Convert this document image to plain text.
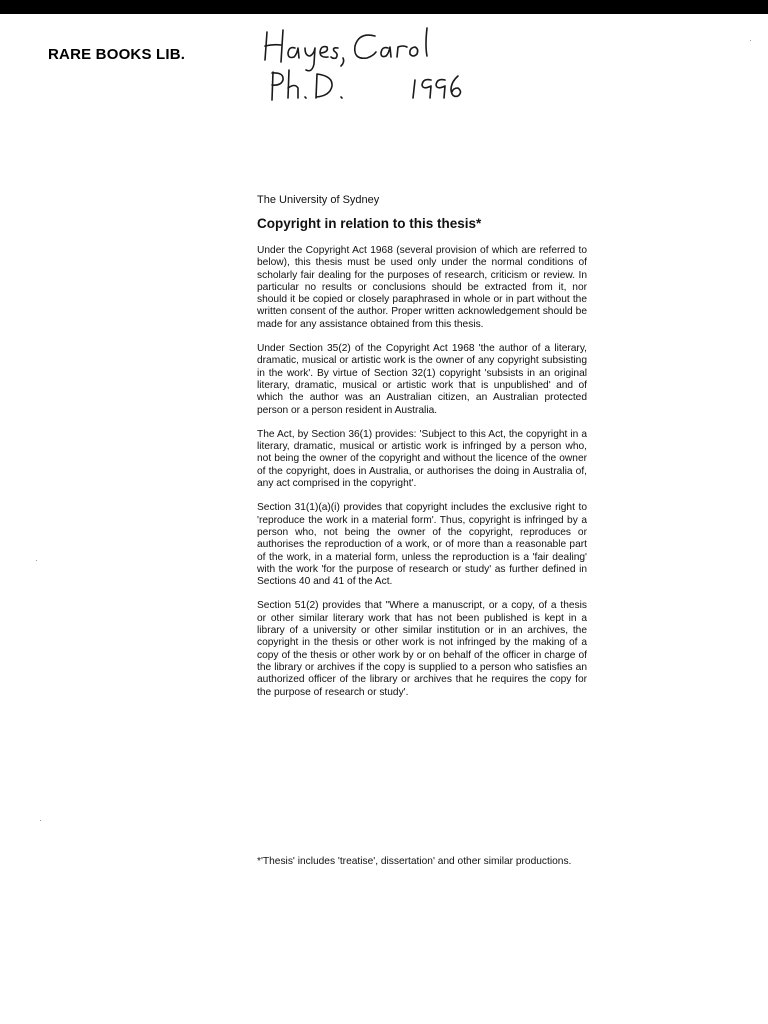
RARE BOOKS LIB.

The University of Sydney

Copyright in relation to this thesis*

Under the Copyright Act 1968 (several provision of which are referred to below), this thesis must be used only under the normal conditions of scholarly fair dealing for the purposes of research, criticism or review. In particular no results or conclusions should be extracted from it, nor should it be copied or closely paraphrased in whole or in part without the written consent of the author. Proper written acknowledgement should be made for any assistance obtained from this thesis.

Under Section 35(2) of the Copyright Act 1968 'the author of a literary, dramatic, musical or artistic work is the owner of any copyright subsisting in the work'. By virtue of Section 32(1) copyright 'subsists in an original literary, dramatic, musical or artistic work that is unpublished' and of which the author was an Australian citizen, an Australian protected person or a person resident in Australia.

The Act, by Section 36(1) provides: 'Subject to this Act, the copyright in a literary, dramatic, musical or artistic work is infringed by a person who, not being the owner of the copyright and without the licence of the owner of the copyright, does in Australia, or authorises the doing in Australia of, any act comprised in the copyright'.

Section 31(1)(a)(i) provides that copyright includes the exclusive right to 'reproduce the work in a material form'. Thus, copyright is infringed by a person who, not being the owner of the copyright, reproduces or authorises the reproduction of a work, or of more than a reasonable part of the work, in a material form, unless the reproduction is a 'fair dealing' with the work 'for the purpose of research or study' as further defined in Sections 40 and 41 of the Act.

Section 51(2) provides that "Where a manuscript, or a copy, of a thesis or other similar literary work that has not been published is kept in a library of a university or other similar institution or in an archives, the copyright in the thesis or other work is not infringed by the making of a copy of the thesis or other work by or on behalf of the officer in charge of the library or archives if the copy is supplied to a person who satisfies an authorized officer of the library or archives that he requires the copy for the purpose of research or study'.

*'Thesis' includes 'treatise', dissertation' and other similar productions.
